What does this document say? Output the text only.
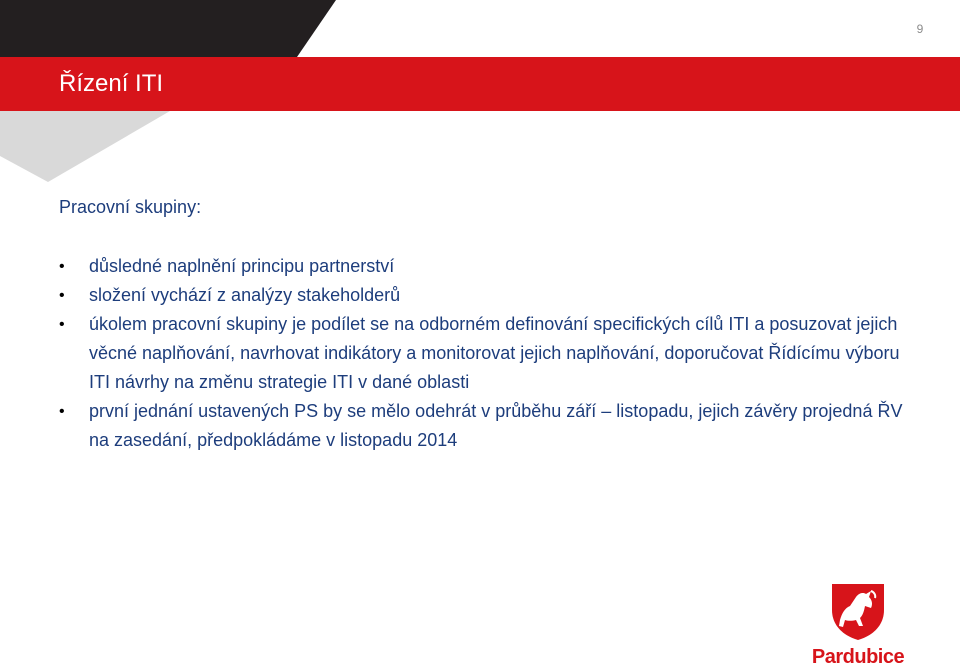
Řízení ITI
9

Pracovní skupiny:

• důsledné naplnění principu partnerství
• složení vychází z analýzy stakeholderů
• úkolem pracovní skupiny je podílet se na odborném definování specifických cílů ITI a posuzovat jejich věcné naplňování, navrhovat indikátory a monitorovat jejich naplňování, doporučovat Řídícímu výboru ITI návrhy na změnu strategie ITI v dané oblasti
• první jednání ustavených PS by se mělo odehrát v průběhu září – listopadu, jejich závěry projedná ŘV na zasedání, předpokládáme v listopadu 2014
Pardubice
